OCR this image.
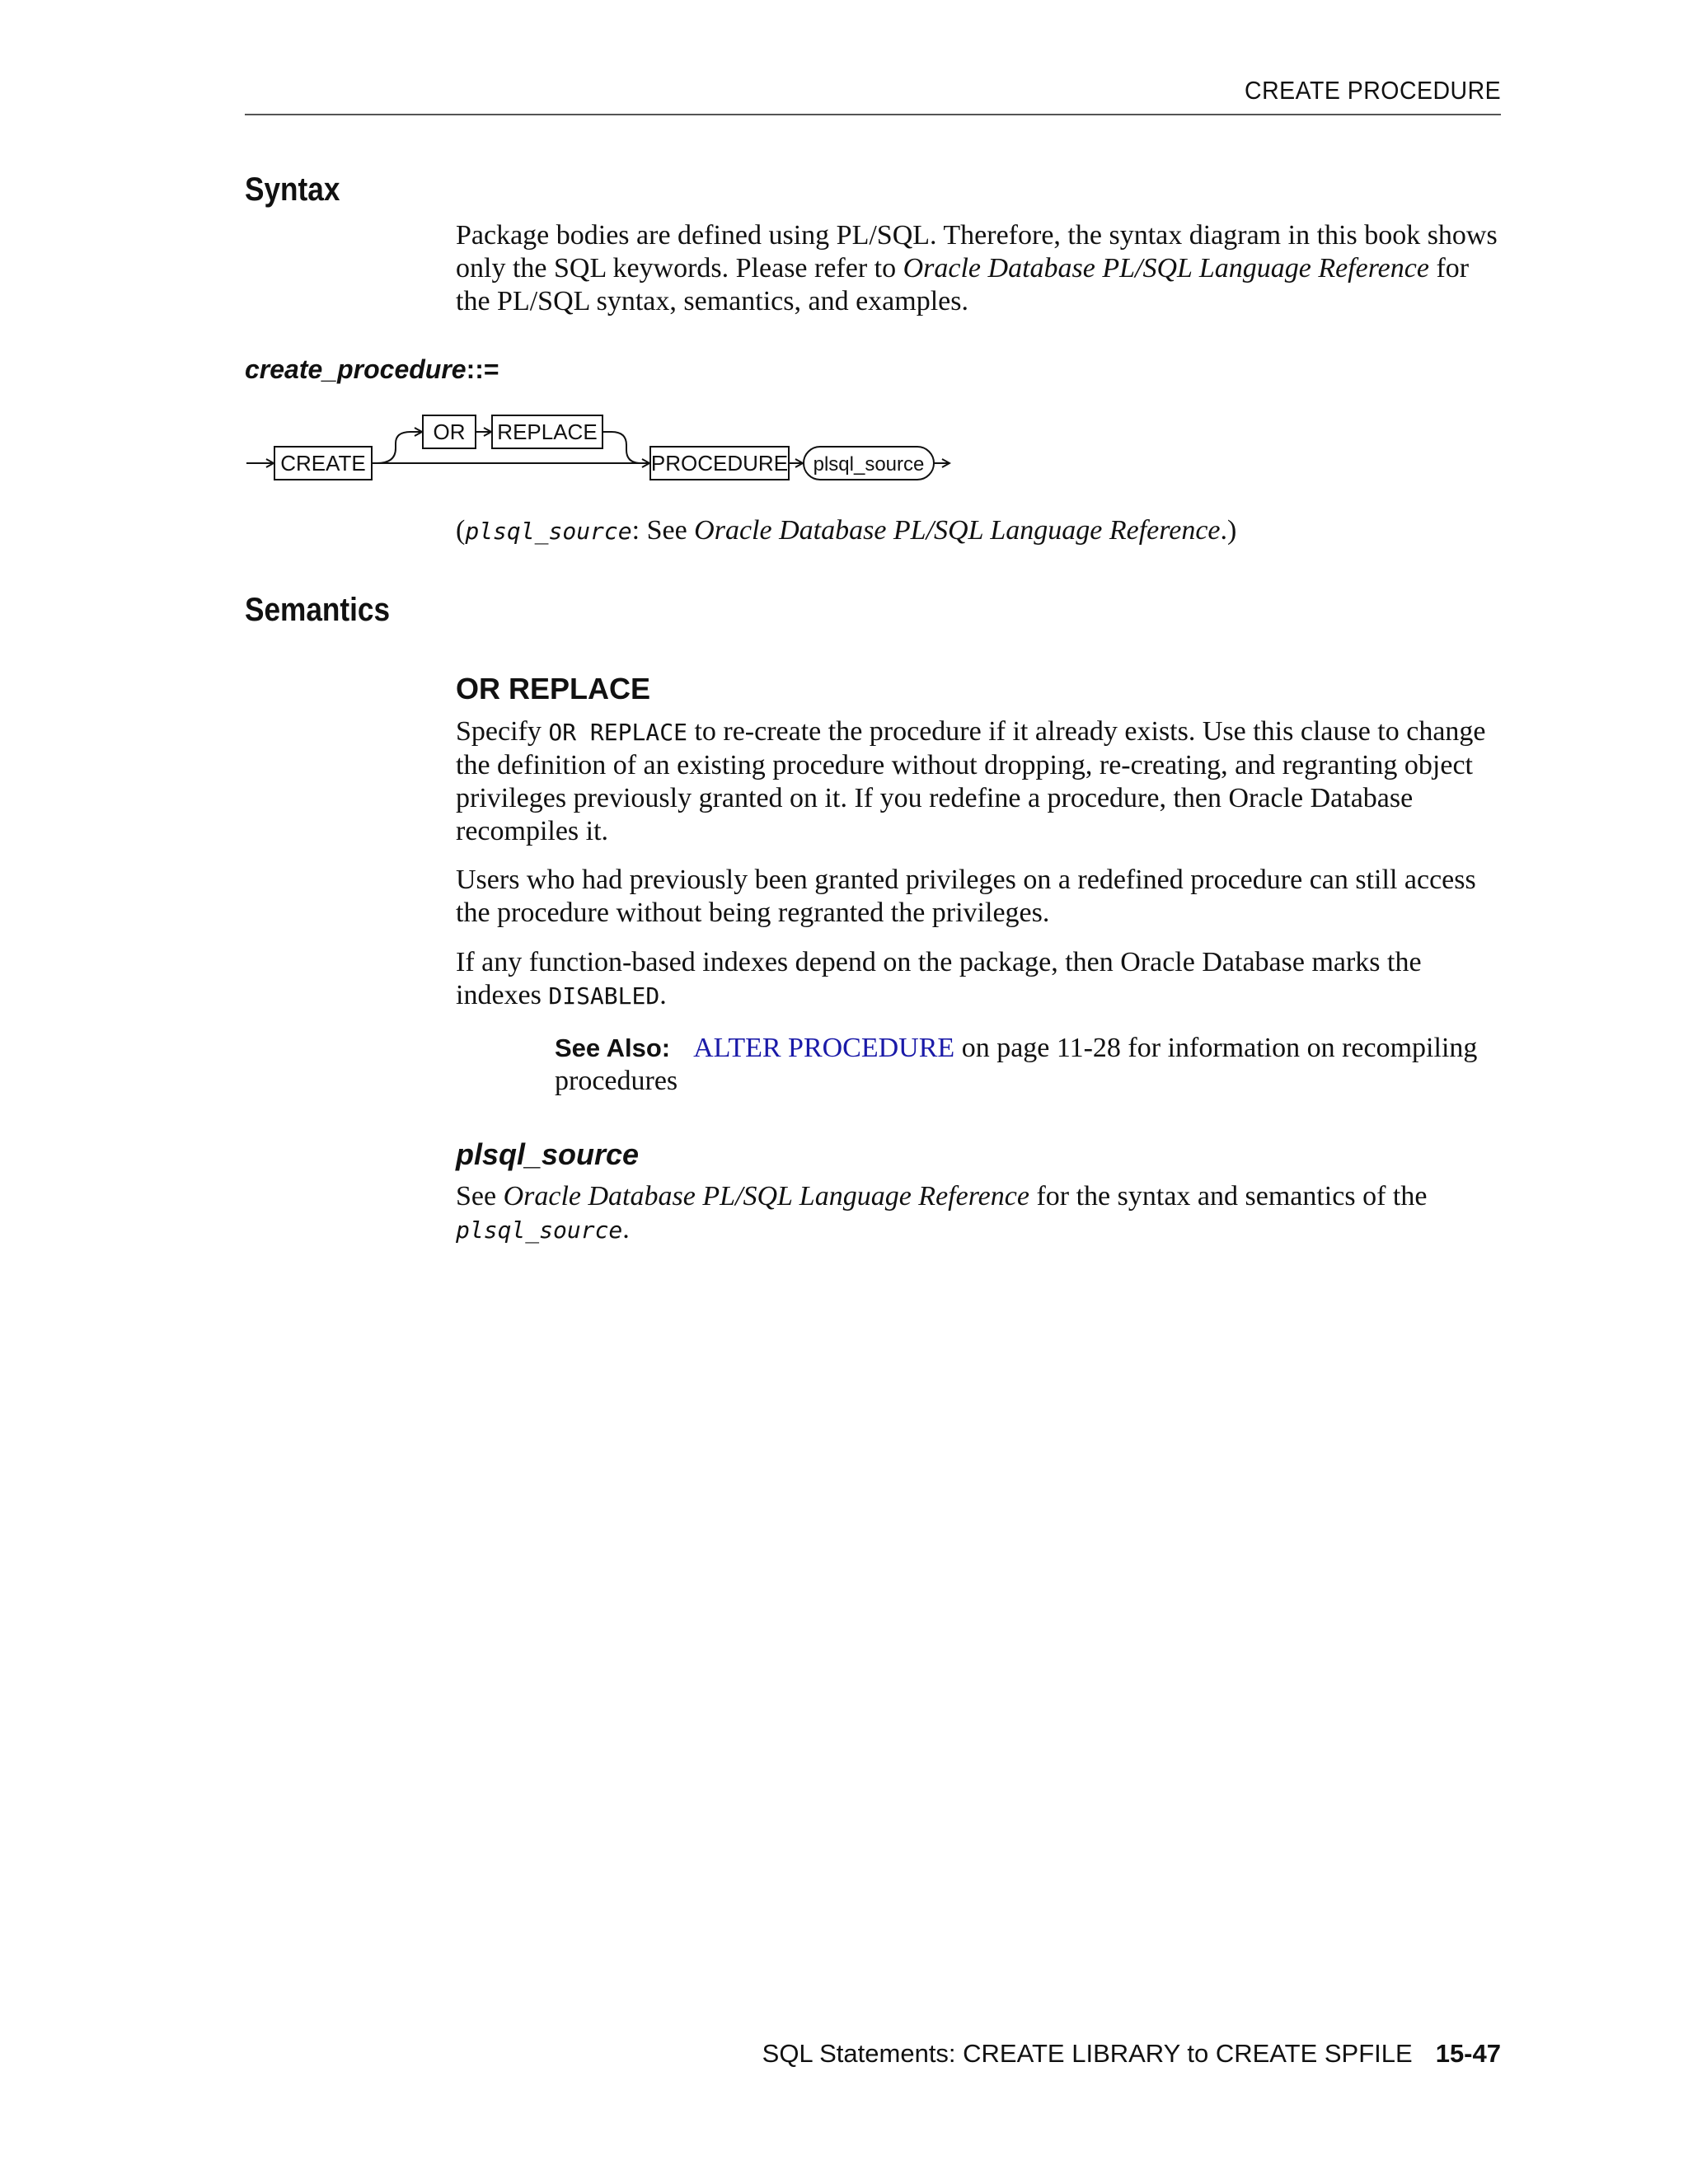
CREATE PROCEDURE
Syntax

Package bodies are defined using PL/SQL. Therefore, the syntax diagram in this book shows only the SQL keywords. Please refer to Oracle Database PL/SQL Language Reference for the PL/SQL syntax, semantics, and examples.

create_procedure::=
CREATE
OR REPLACE
PROCEDURE plsql_source

(plsql_source: See Oracle Database PL/SQL Language Reference.)

Semantics
OR REPLACE

Specify OR REPLACE to re-create the procedure if it already exists. Use this clause to change the definition of an existing procedure without dropping, re-creating, and regranting object privileges previously granted on it. If you redefine a procedure, then Oracle Database recompiles it.

Users who had previously been granted privileges on a redefined procedure can still access the procedure without being regranted the privileges.

If any function-based indexes depend on the package, then Oracle Database marks the indexes DISABLED.

See Also: ALTER PROCEDURE on page 11-28 for information on recompiling procedures
plsql_source

See Oracle Database PL/SQL Language Reference for the syntax and semantics of the plsql_source.

SQL Statements: CREATE LIBRARY to CREATE SPFILE 15-47
